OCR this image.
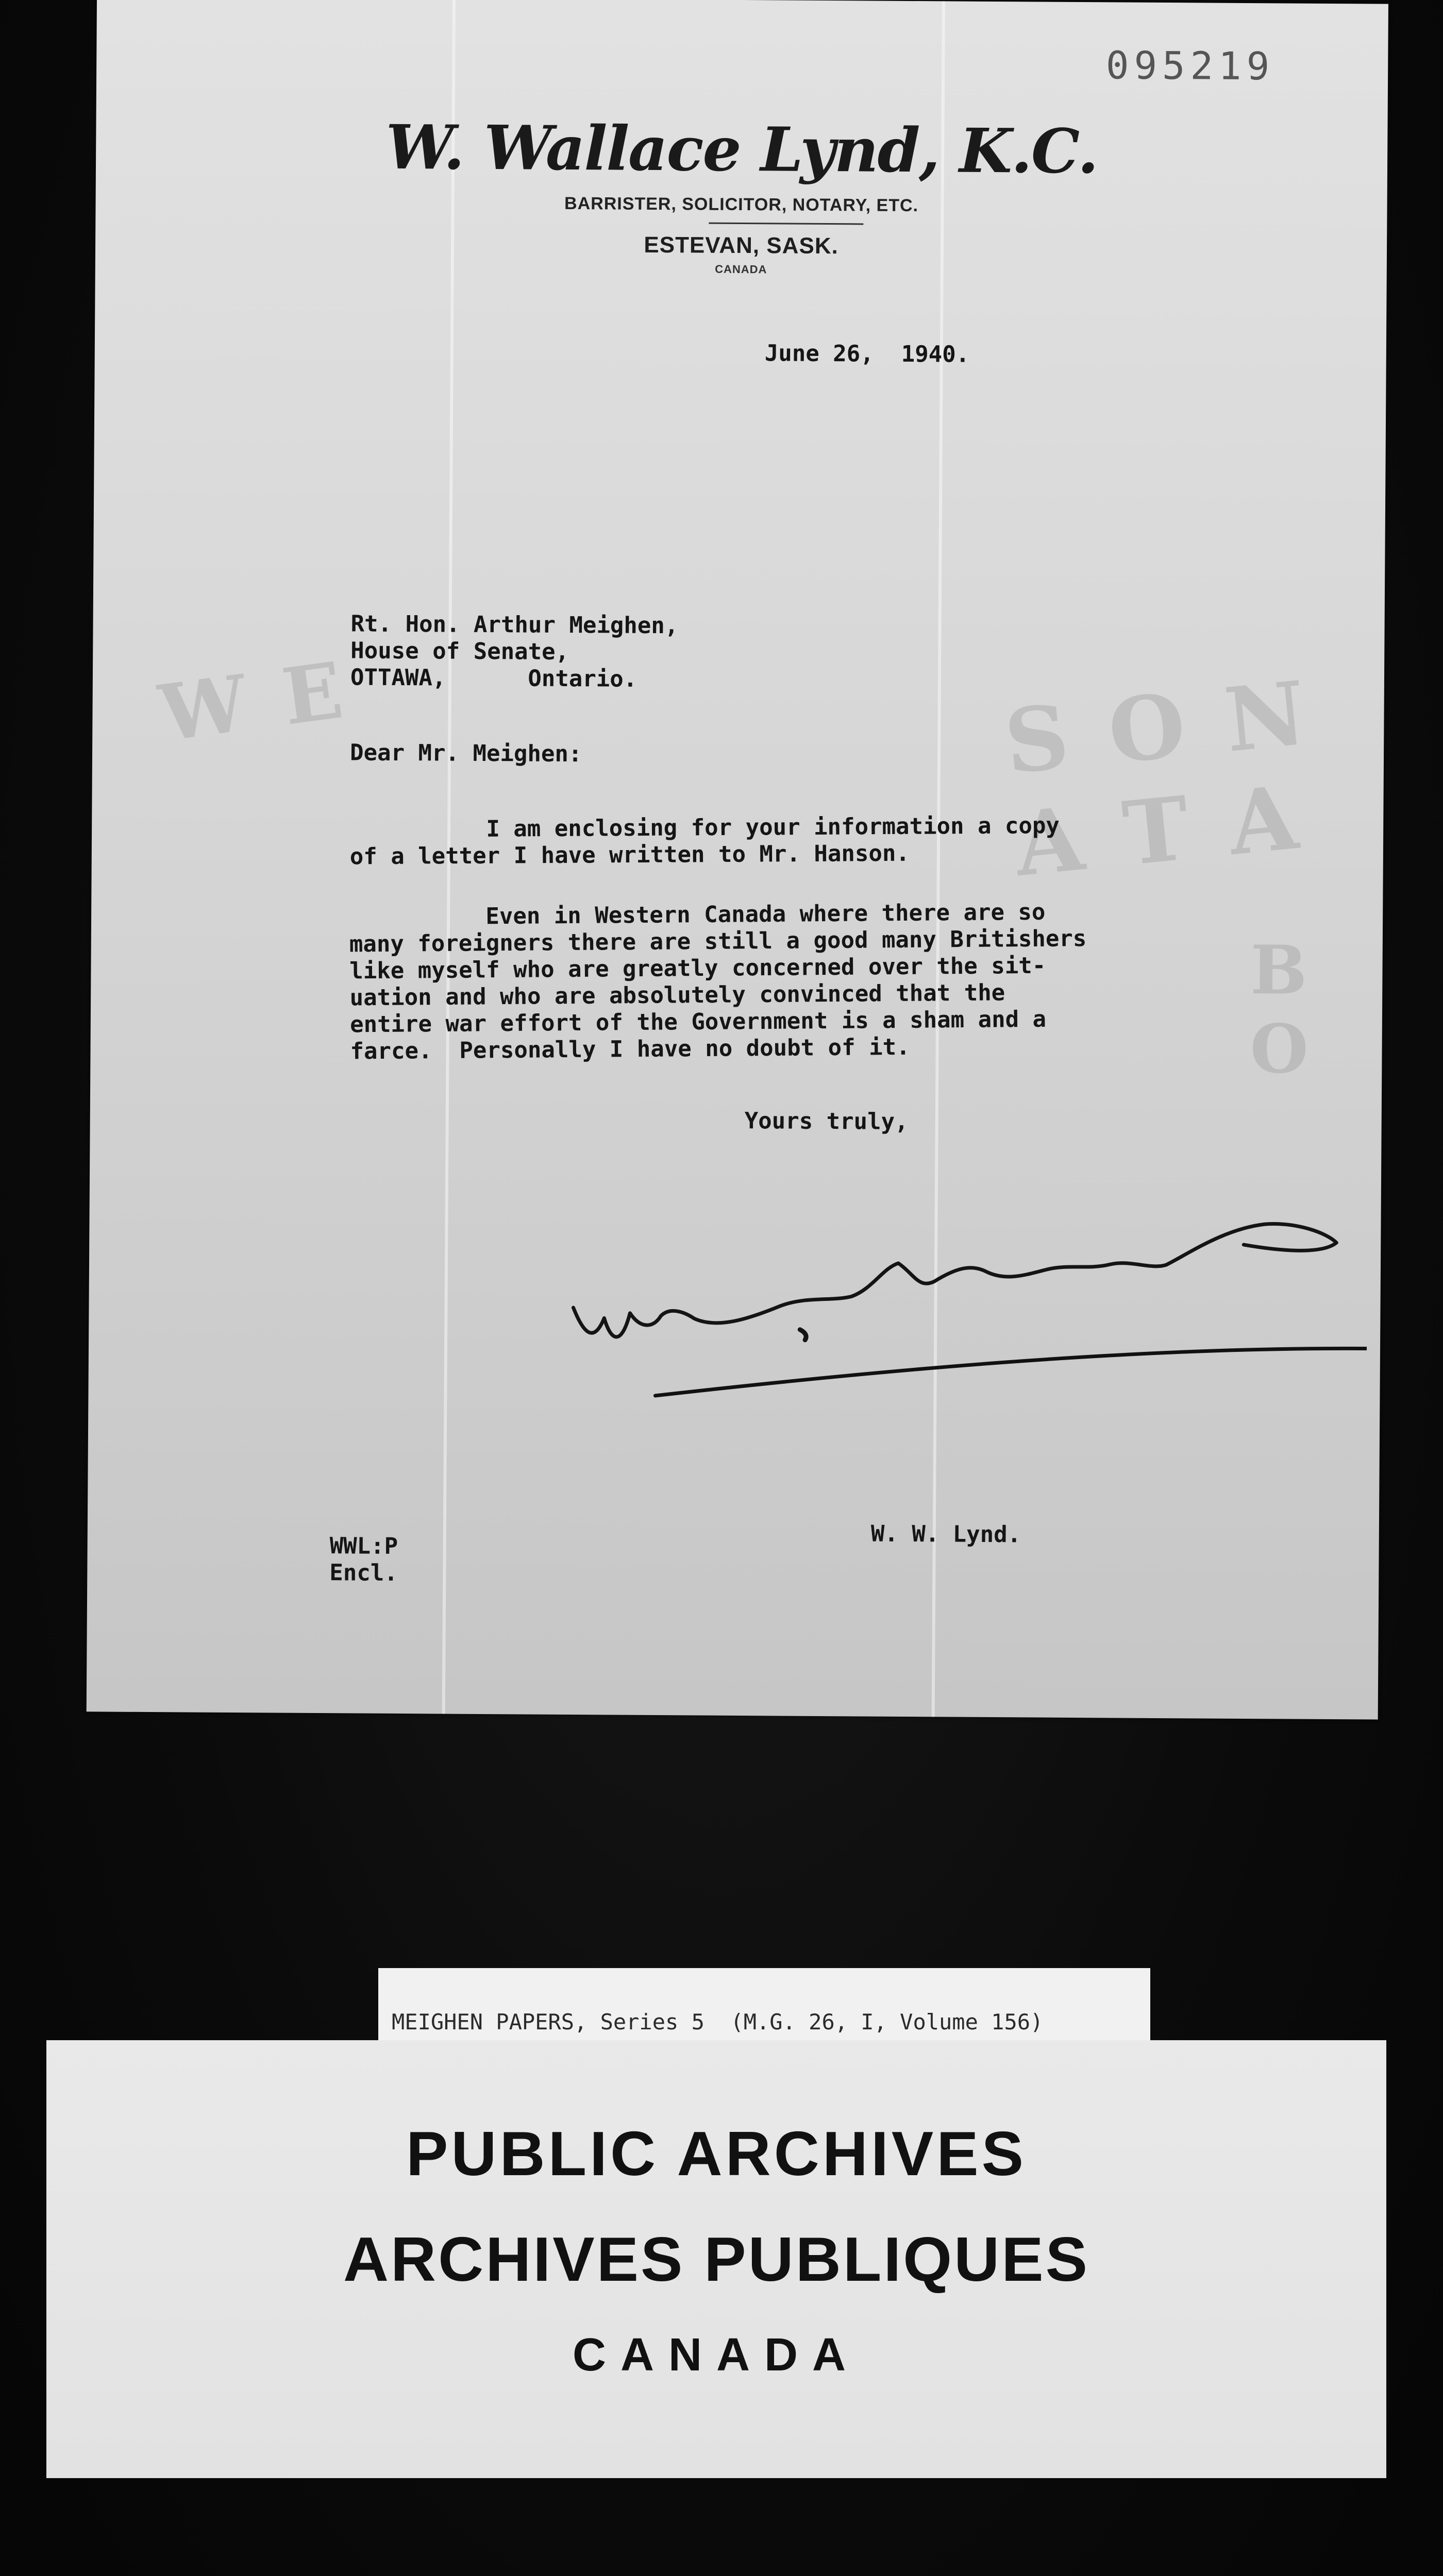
W E	S O N A T A
B O
095219
W. Wallace Lynd, K.C.
BARRISTER, SOLICITOR, NOTARY, ETC.
ESTEVAN, SASK.
CANADA
June 26,  1940.
Rt. Hon. Arthur Meighen,
House of Senate,
OTTAWA,      Ontario.
Dear Mr. Meighen:
I am enclosing for your information a copy
of a letter I have written to Mr. Hanson.
Even in Western Canada where there are so
many foreigners there are still a good many Britishers
like myself who are greatly concerned over the sit-
uation and who are absolutely convinced that the
entire war effort of the Government is a sham and a
farce.  Personally I have no doubt of it.
Yours truly,
W. W. Lynd.
WWL:P
Encl.
MEIGHEN PAPERS, Series 5  (M.G. 26, I, Volume 156)
PUBLIC ARCHIVES
ARCHIVES PUBLIQUES
CANADA
